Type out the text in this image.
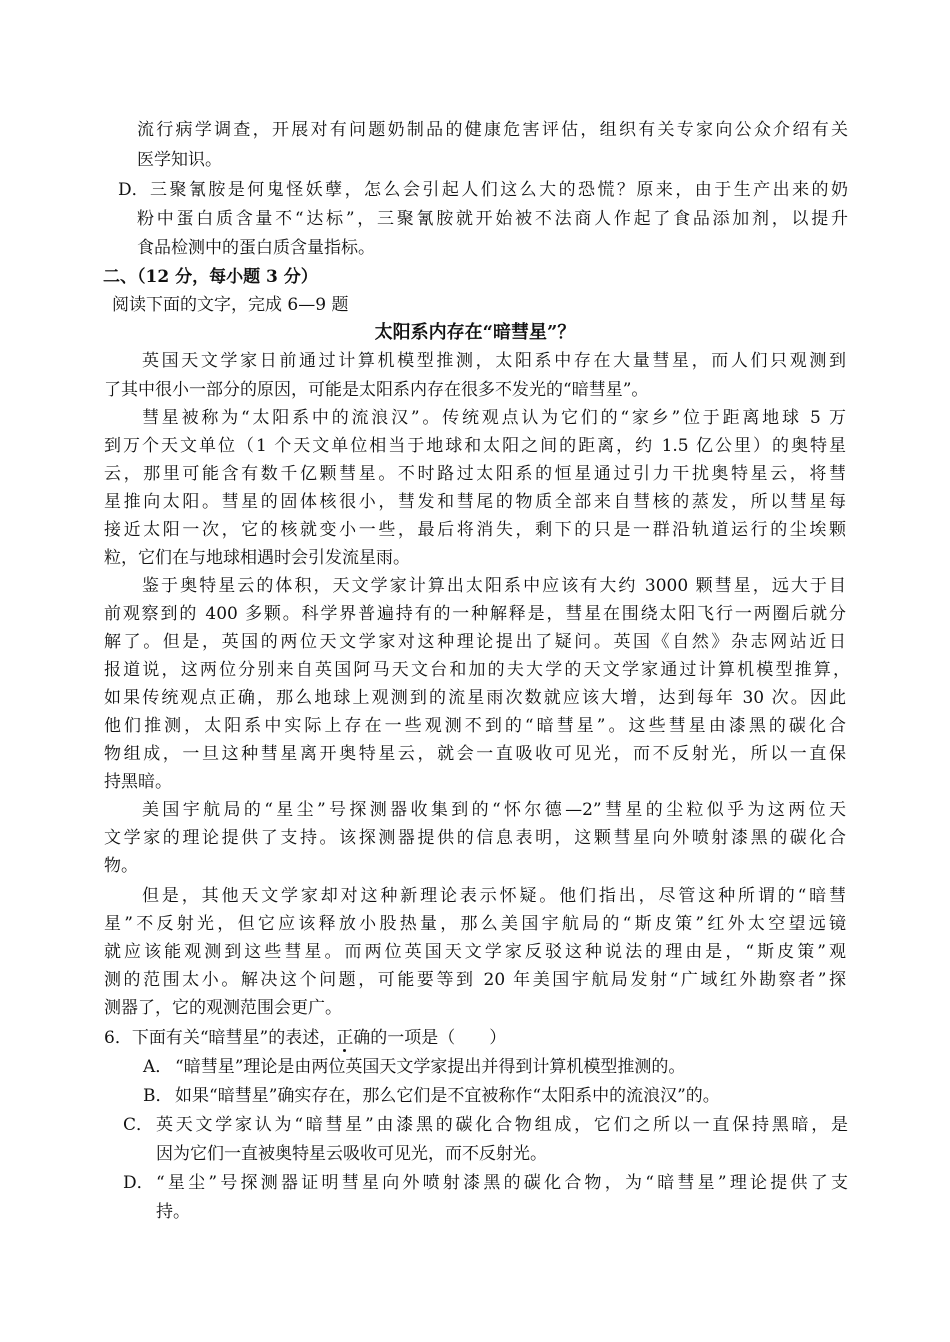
流行病学调查，开展对有问题奶制品的健康危害评估，组织有关专家向公众介绍有关
医学知识。
D． 三聚氰胺是何鬼怪妖孽，怎么会引起人们这么大的恐慌？原来，由于生产出来的奶
粉中蛋白质含量不“达标”，三聚氰胺就开始被不法商人作起了食品添加剂，以提升
食品检测中的蛋白质含量指标。
二、（12 分，每小题 3 分）
阅读下面的文字，完成 6—9 题
太阳系内存在“暗彗星”？
英国天文学家日前通过计算机模型推测，太阳系中存在大量彗星，而人们只观测到
了其中很小一部分的原因，可能是太阳系内存在很多不发光的“暗彗星”。
彗星被称为“太阳系中的流浪汉”。传统观点认为它们的“家乡”位于距离地球 5 万
到万个天文单位（1 个天文单位相当于地球和太阳之间的距离，约 1.5 亿公里）的奥特星
云，那里可能含有数千亿颗彗星。不时路过太阳系的恒星通过引力干扰奥特星云，将彗
星推向太阳。彗星的固体核很小，彗发和彗尾的物质全部来自彗核的蒸发，所以彗星每
接近太阳一次，它的核就变小一些，最后将消失，剩下的只是一群沿轨道运行的尘埃颗
粒，它们在与地球相遇时会引发流星雨。
鉴于奥特星云的体积，天文学家计算出太阳系中应该有大约 3000 颗彗星，远大于目
前观察到的 400 多颗。科学界普遍持有的一种解释是，彗星在围绕太阳飞行一两圈后就分
解了。但是，英国的两位天文学家对这种理论提出了疑问。英国《自然》杂志网站近日
报道说，这两位分别来自英国阿马天文台和加的夫大学的天文学家通过计算机模型推算，
如果传统观点正确，那么地球上观测到的流星雨次数就应该大增，达到每年 30 次。因此
他们推测，太阳系中实际上存在一些观测不到的“暗彗星”。这些彗星由漆黑的碳化合
物组成，一旦这种彗星离开奥特星云，就会一直吸收可见光，而不反射光，所以一直保
持黑暗。
美国宇航局的“星尘”号探测器收集到的“怀尔德—2”彗星的尘粒似乎为这两位天
文学家的理论提供了支持。该探测器提供的信息表明，这颗彗星向外喷射漆黑的碳化合
物。
但是，其他天文学家却对这种新理论表示怀疑。他们指出，尽管这种所谓的“暗彗
星”不反射光，但它应该释放小股热量，那么美国宇航局的“斯皮策”红外太空望远镜
就应该能观测到这些彗星。而两位英国天文学家反驳这种说法的理由是，“斯皮策”观
测的范围太小。解决这个问题，可能要等到 20 年美国宇航局发射“广域红外勘察者”探
测器了，它的观测范围会更广。
6．下面有关“暗彗星”的表述，正确的一项是（　　）
A． “暗彗星”理论是由两位英国天文学家提出并得到计算机模型推测的。
B． 如果“暗彗星”确实存在，那么它们是不宜被称作“太阳系中的流浪汉”的。
C． 英天文学家认为“暗彗星”由漆黑的碳化合物组成，它们之所以一直保持黑暗，是
因为它们一直被奥特星云吸收可见光，而不反射光。
D． “星尘”号探测器证明彗星向外喷射漆黑的碳化合物，为“暗彗星”理论提供了支
持。
